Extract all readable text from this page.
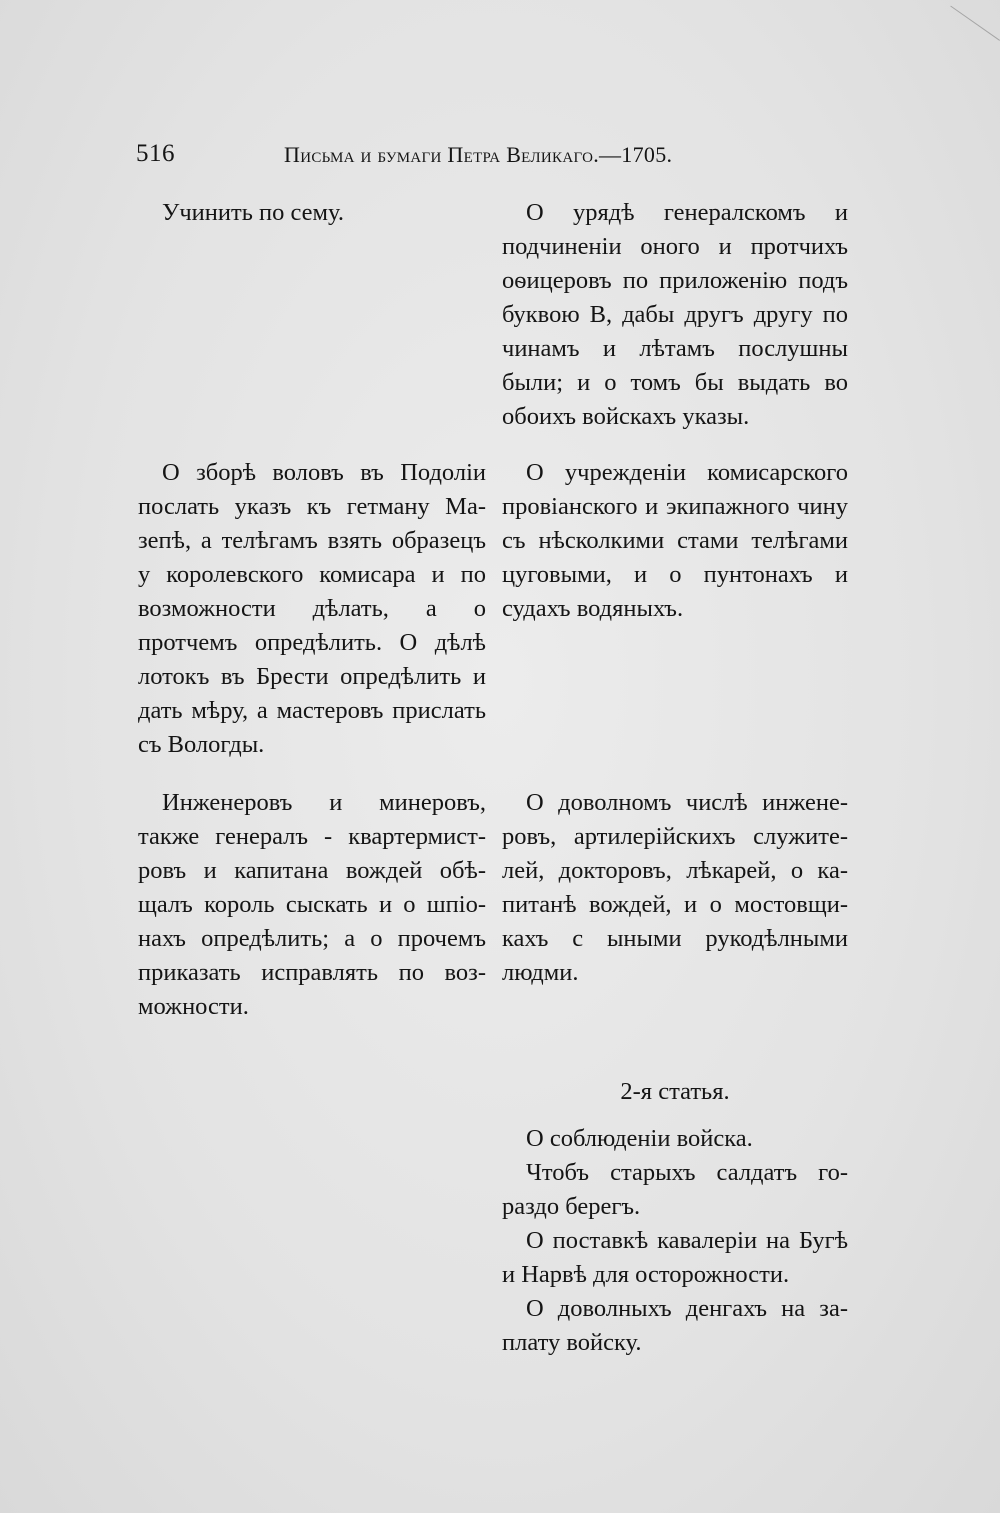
516	Письма и бумаги Петра Великаго.—1705.

Учинить по сему.	О урядѣ генералскомъ и подчиненіи оного и протчихъ оѳицеровъ по приложенію подъ буквою В, дабы другъ другу по чинамъ и лѣтамъ послушны были; и о томъ бы выдать во обоихъ войскахъ указы.

О зборѣ воловъ въ Подоліи послать указъ къ гетману Мазепѣ, а телѣгамъ взять образецъ у королевского комисара и по возможности дѣлать, а о протчемъ опредѣлить. О дѣлѣ лотокъ въ Брести опредѣлить и дать мѣру, а мастеровъ прислать съ Вологды.

О учрежденіи комисарского провіанского и экипажного чину съ нѣсколкими стами телѣгами цуговыми, и о пунтонахъ и судахъ водяныхъ.

Инженеровъ и минеровъ, также генералъ - квартермистровъ и капитана вождей обѣщалъ король сыскать и о шпіонахъ опредѣлить; а о прочемъ приказать исправлять по возможности.

О доволномъ числѣ инженеровъ, артилерійскихъ служителей, докторовъ, лѣкарей, о капитанѣ вождей, и о мостовщикахъ с ыными рукодѣлными людми.

2-я статья.

О соблюденіи войска.

Чтобъ старыхъ салдатъ гораздо берегъ.

О поставкѣ кавалеріи на Бугѣ и Нарвѣ для осторожности.

О доволныхъ денгахъ на заплату войску.
